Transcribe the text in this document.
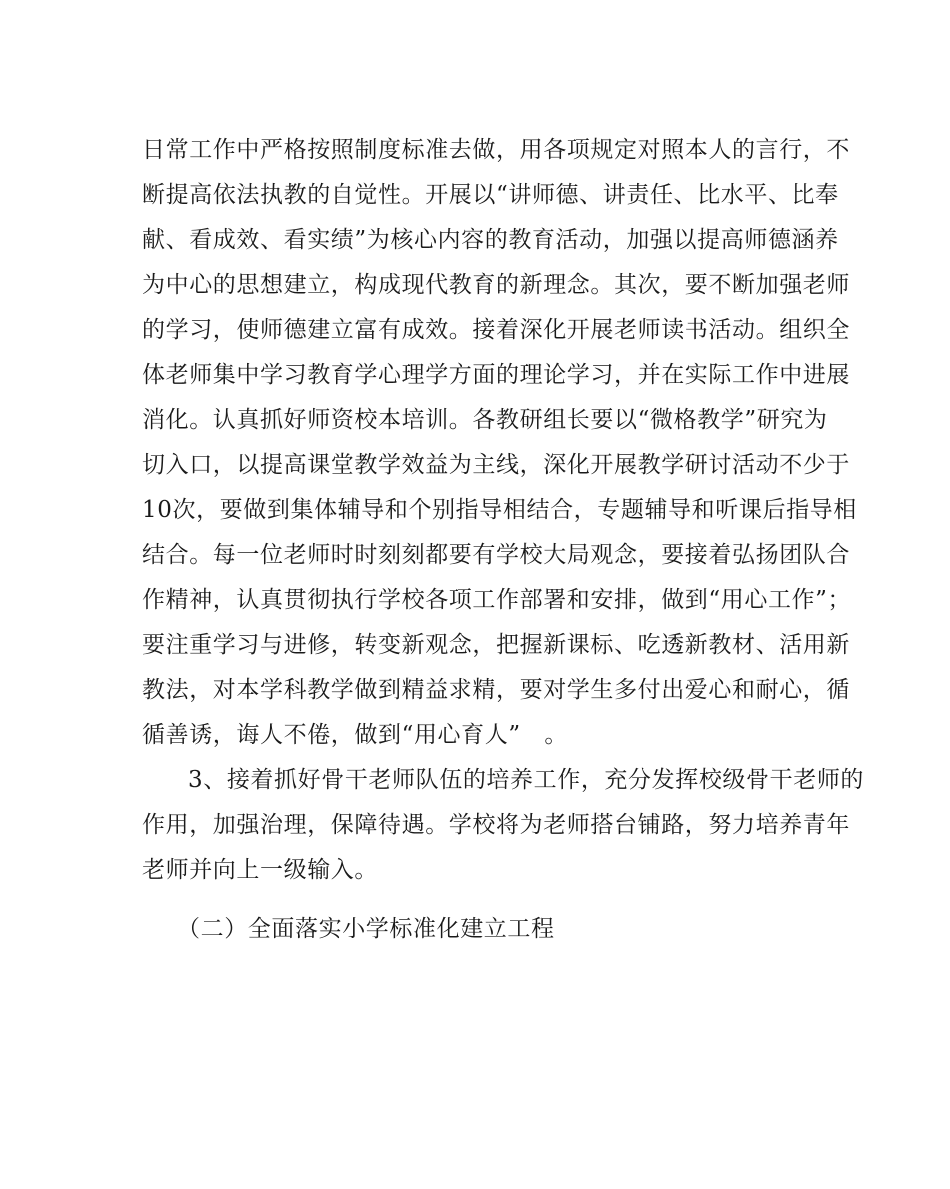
日常工作中严格按照制度标准去做，用各项规定对照本人的言行，不
断提高依法执教的自觉性。开展以“讲师德、讲责任、比水平、比奉
献、看成效、看实绩”为核心内容的教育活动，加强以提高师德涵养
为中心的思想建立，构成现代教育的新理念。其次，要不断加强老师
的学习，使师德建立富有成效。接着深化开展老师读书活动。组织全
体老师集中学习教育学心理学方面的理论学习，并在实际工作中进展
消化。认真抓好师资校本培训。各教研组长要以“微格教学”研究为
切入口，以提高课堂教学效益为主线，深化开展教学研讨活动不少于
10次，要做到集体辅导和个别指导相结合，专题辅导和听课后指导相
结合。每一位老师时时刻刻都要有学校大局观念，要接着弘扬团队合
作精神，认真贯彻执行学校各项工作部署和安排，做到“用心工作”；
要注重学习与进修，转变新观念，把握新课标、吃透新教材、活用新
教法，对本学科教学做到精益求精，要对学生多付出爱心和耐心，循
循善诱，诲人不倦，做到“用心育人”　。
3、接着抓好骨干老师队伍的培养工作，充分发挥校级骨干老师的
作用，加强治理，保障待遇。学校将为老师搭台铺路，努力培养青年
老师并向上一级输入。
（二）全面落实小学标准化建立工程
